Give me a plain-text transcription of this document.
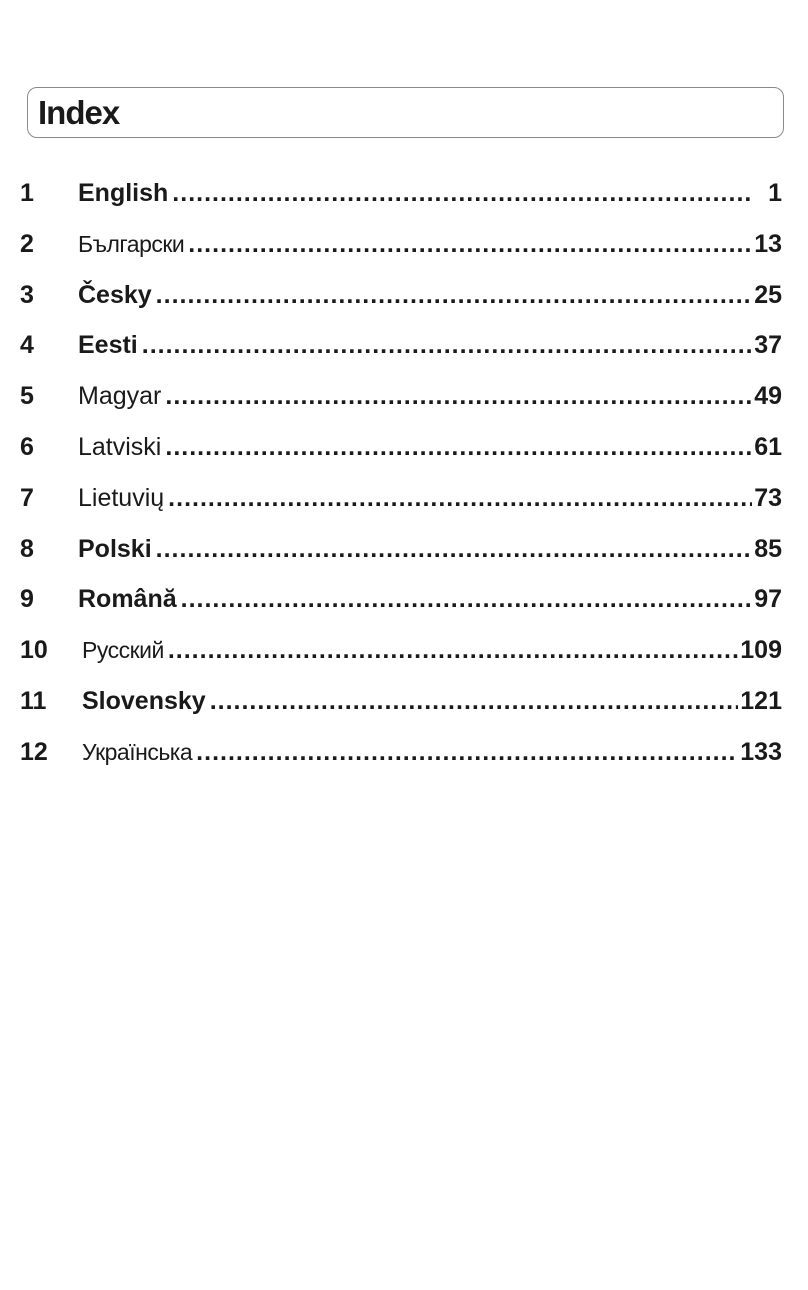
Index
1	English .....	1
2	Български .....	13
3	Česky .....	25
4	Eesti .....	37
5	Magyar .....	49
6	Latviski .....	61
7	Lietuvių .....	73
8	Polski .....	85
9	Română .....	97
10	Русский .....	109
11	Slovensky .....	121
12	Українська .....	133
